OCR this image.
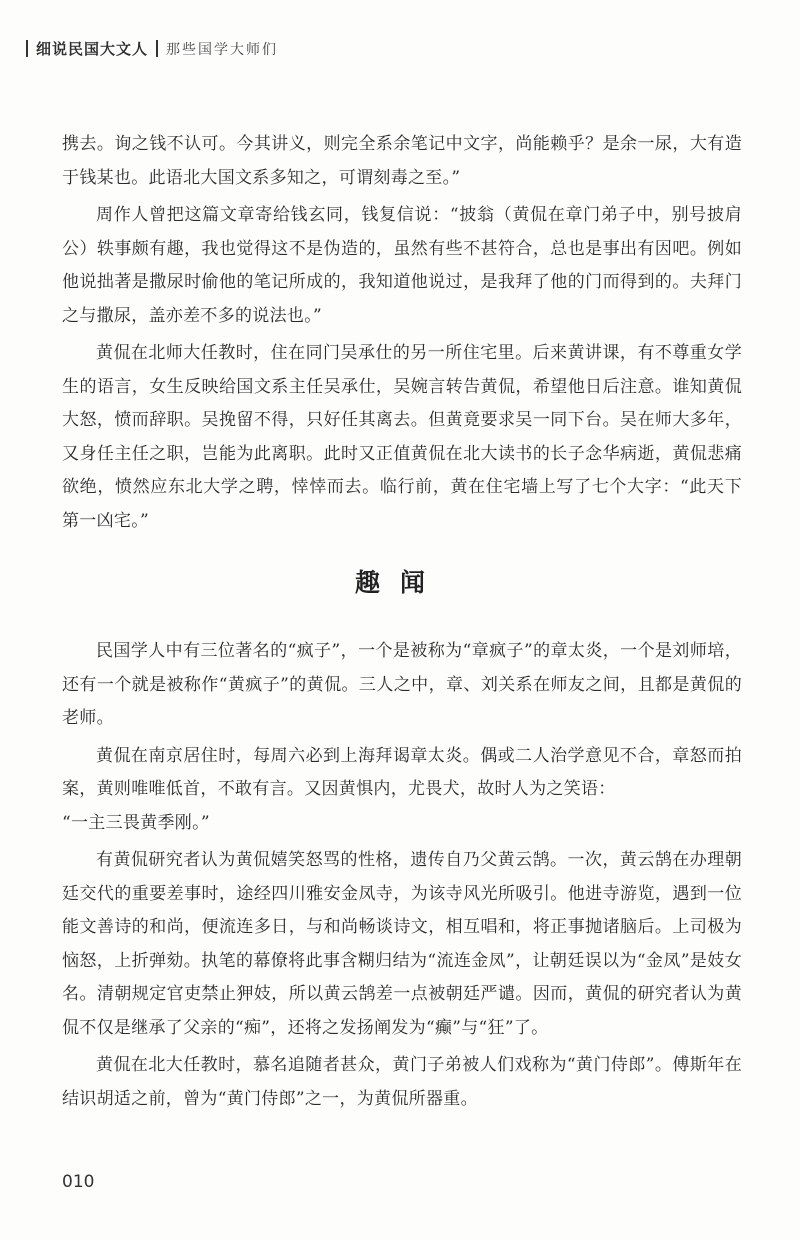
细说民国大文人 那些国学大师们

携去。询之钱不认可。今其讲义，则完全系余笔记中文字，尚能赖乎？是余一尿，大有造于钱某也。此语北大国文系多知之，可谓刻毒之至。”

周作人曾把这篇文章寄给钱玄同，钱复信说：“披翁（黄侃在章门弟子中，别号披肩公）轶事颇有趣，我也觉得这不是伪造的，虽然有些不甚符合，总也是事出有因吧。例如他说拙著是撒尿时偷他的笔记所成的，我知道他说过，是我拜了他的门而得到的。夫拜门之与撒尿，盖亦差不多的说法也。”

黄侃在北师大任教时，住在同门吴承仕的另一所住宅里。后来黄讲课，有不尊重女学生的语言，女生反映给国文系主任吴承仕，吴婉言转告黄侃，希望他日后注意。谁知黄侃大怒，愤而辞职。吴挽留不得，只好任其离去。但黄竟要求吴一同下台。吴在师大多年，又身任主任之职，岂能为此离职。此时又正值黄侃在北大读书的长子念华病逝，黄侃悲痛欲绝，愤然应东北大学之聘，悻悻而去。临行前，黄在住宅墙上写了七个大字：“此天下第一凶宅。”

趣闻

民国学人中有三位著名的“疯子”，一个是被称为“章疯子”的章太炎，一个是刘师培，还有一个就是被称作“黄疯子”的黄侃。三人之中，章、刘关系在师友之间，且都是黄侃的老师。

黄侃在南京居住时，每周六必到上海拜谒章太炎。偶或二人治学意见不合，章怒而拍案，黄则唯唯低首，不敢有言。又因黄惧内，尤畏犬，故时人为之笑语：

“一主三畏黄季刚。”

有黄侃研究者认为黄侃嬉笑怒骂的性格，遗传自乃父黄云鹄。一次，黄云鹄在办理朝廷交代的重要差事时，途经四川雅安金凤寺，为该寺风光所吸引。他进寺游览，遇到一位能文善诗的和尚，便流连多日，与和尚畅谈诗文，相互唱和，将正事抛诸脑后。上司极为恼怒，上折弹劾。执笔的幕僚将此事含糊归结为“流连金凤”，让朝廷误以为“金凤”是妓女名。清朝规定官吏禁止狎妓，所以黄云鹄差一点被朝廷严谴。因而，黄侃的研究者认为黄侃不仅是继承了父亲的“痴”，还将之发扬阐发为“癫”与“狂”了。

黄侃在北大任教时，慕名追随者甚众，黄门子弟被人们戏称为“黄门侍郎”。傅斯年在结识胡适之前，曾为“黄门侍郎”之一，为黄侃所器重。

010
